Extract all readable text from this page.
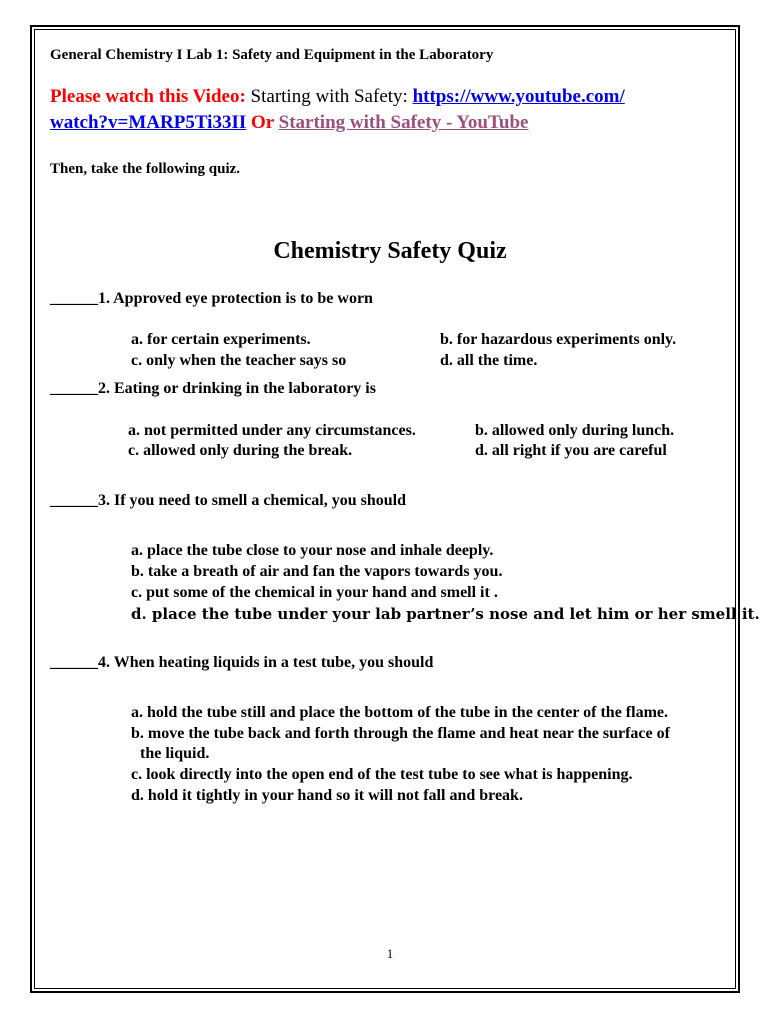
General Chemistry I Lab 1: Safety and Equipment in the Laboratory
Please watch this Video: Starting with Safety: https://www.youtube.com/
watch?v=MARP5Ti33II Or Starting with Safety - YouTube
Then, take the following quiz.
Chemistry Safety Quiz
______1. Approved eye protection is to be worn
a. for certain experiments.	b. for hazardous experiments only.
c. only when the teacher says so	d. all the time.
______2. Eating or drinking in the laboratory is
a. not permitted under any circumstances.	b. allowed only during lunch.
c. allowed only during the break.	d. all right if you are careful
______3. If you need to smell a chemical, you should
a. place the tube close to your nose and inhale deeply.
b. take a breath of air and fan the vapors towards you.
c. put some of the chemical in your hand and smell it .
d. place the tube under your lab partner’s nose and let him or her smell it.
______4. When heating liquids in a test tube, you should
a. hold the tube still and place the bottom of the tube in the center of the flame.
b. move the tube back and forth through the flame and heat near the surface of
the liquid.
c. look directly into the open end of the test tube to see what is happening.
d. hold it tightly in your hand so it will not fall and break.
1
